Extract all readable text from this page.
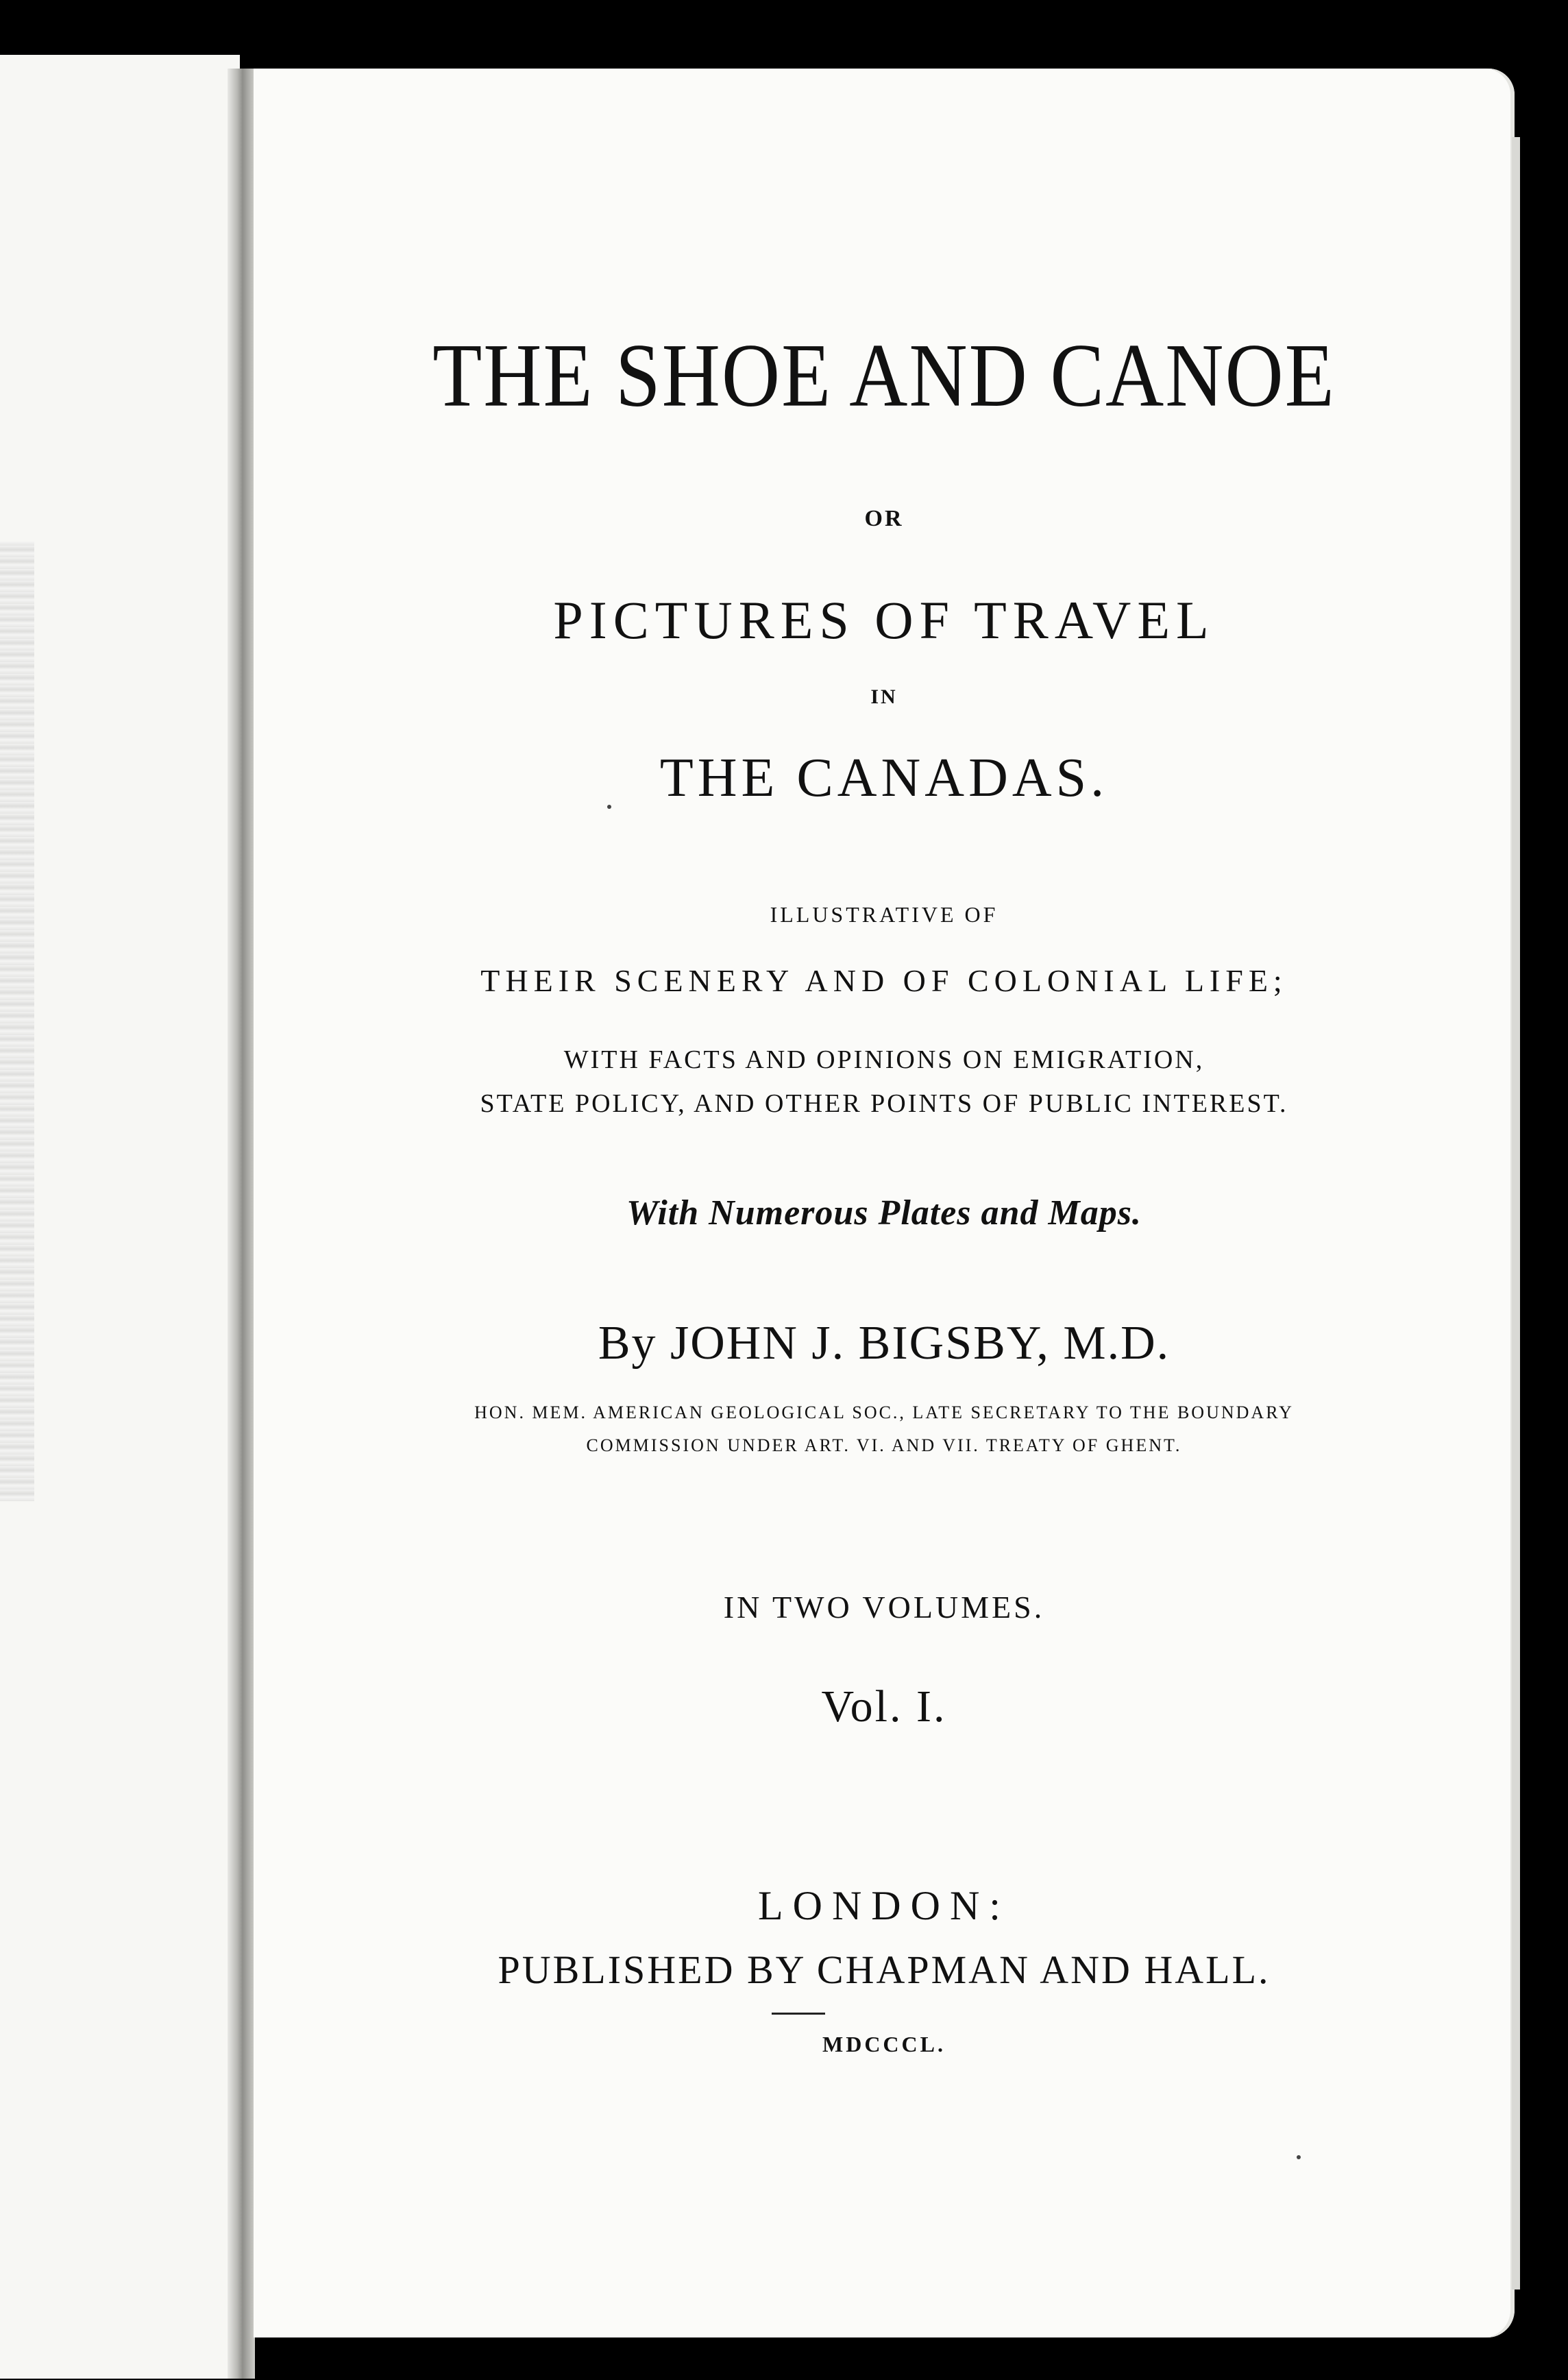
THE SHOE AND CANOE

OR

PICTURES OF TRAVEL

IN

THE CANADAS.

ILLUSTRATIVE OF

THEIR SCENERY AND OF COLONIAL LIFE;

WITH FACTS AND OPINIONS ON EMIGRATION,

STATE POLICY, AND OTHER POINTS OF PUBLIC INTEREST.

With Numerous Plates and Maps.

By JOHN J. BIGSBY, M.D.

HON. MEM. AMERICAN GEOLOGICAL SOC., LATE SECRETARY TO THE BOUNDARY

COMMISSION UNDER ART. VI. AND VII. TREATY OF GHENT.

IN TWO VOLUMES.

Vol. I.

LONDON:

PUBLISHED BY CHAPMAN AND HALL.

MDCCCL.
